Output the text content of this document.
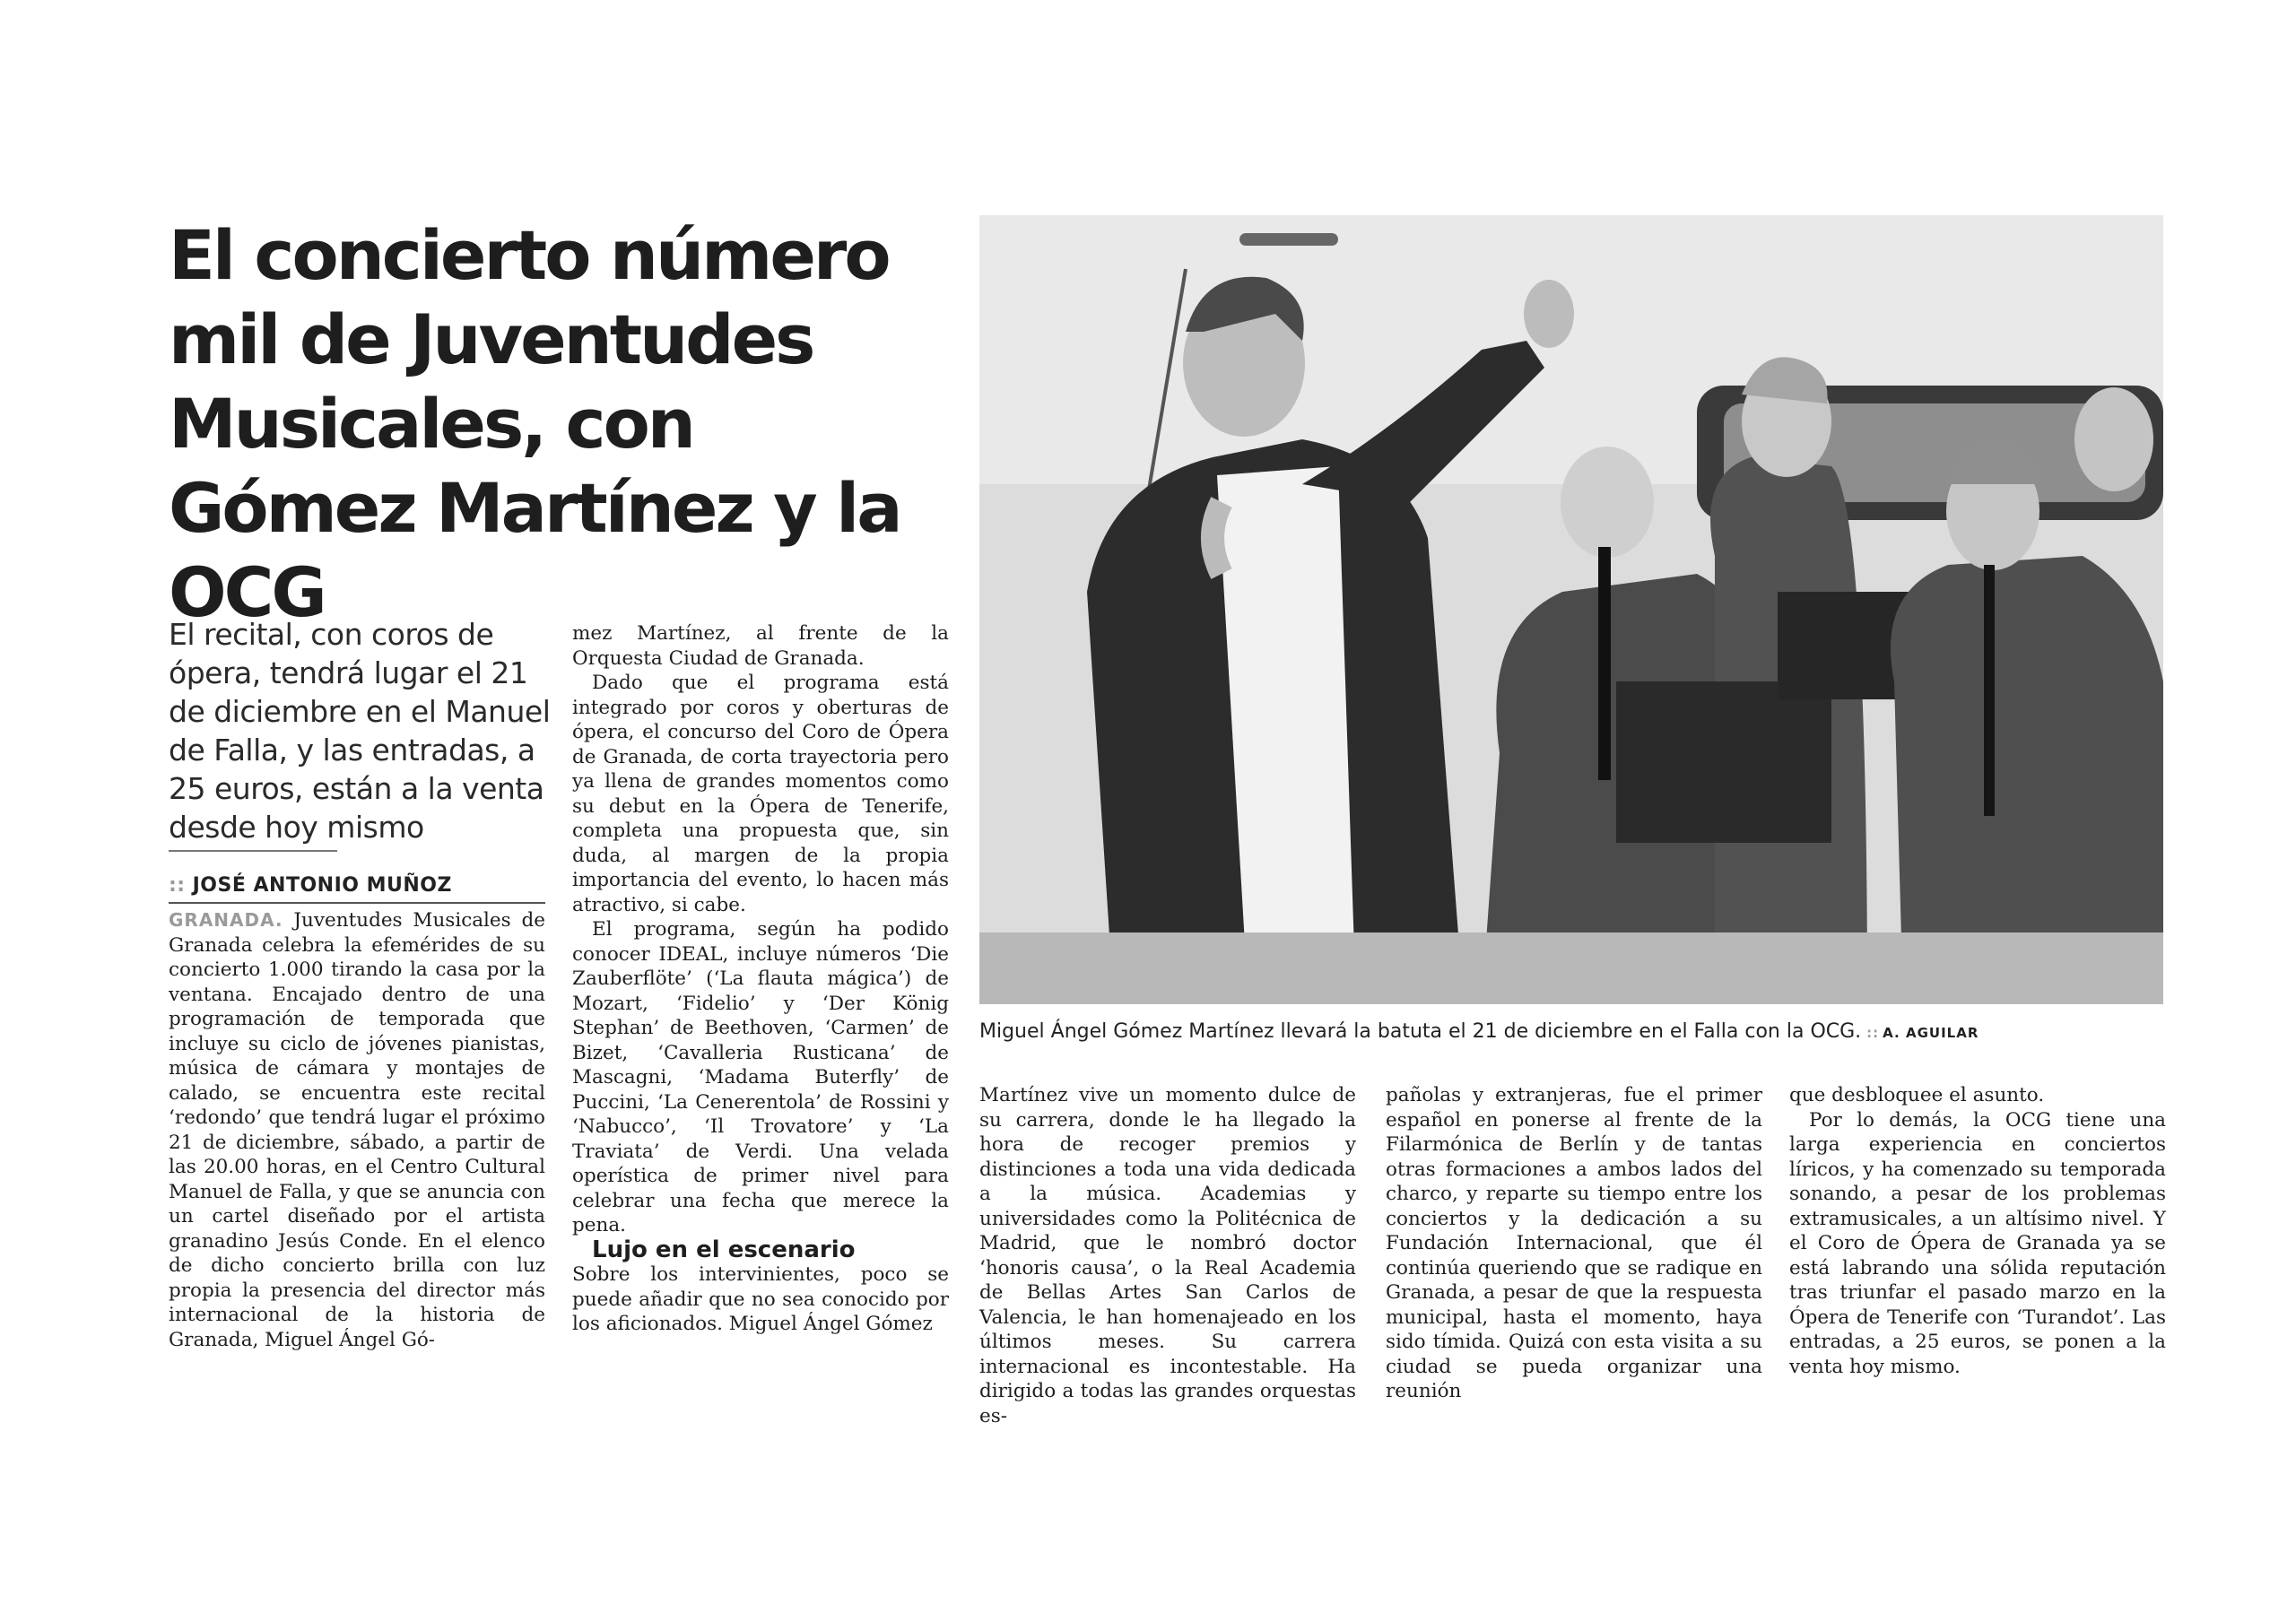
El concierto número mil de Juventudes Musicales, con Gómez Martínez y la OCG
El recital, con coros de ópera, tendrá lugar el 21 de diciembre en el Manuel de Falla, y las entradas, a 25 euros, están a la venta desde hoy mismo
:: JOSÉ ANTONIO MUÑOZ

GRANADA. Juventudes Musicales de Granada celebra la efemérides de su concierto 1.000 tirando la casa por la ventana. Encajado dentro de una programación de temporada que incluye su ciclo de jóvenes pianistas, música de cámara y montajes de calado, se encuentra este recital ‘redondo’ que tendrá lugar el próximo 21 de diciembre, sábado, a partir de las 20.00 horas, en el Centro Cultural Manuel de Falla, y que se anuncia con un cartel diseñado por el artista granadino Jesús Conde. En el elenco de dicho concierto brilla con luz propia la presencia del director más internacional de la historia de Granada, Miguel Ángel Gó-

mez Martínez, al frente de la Orquesta Ciudad de Granada.

Dado que el programa está integrado por coros y oberturas de ópera, el concurso del Coro de Ópera de Granada, de corta trayectoria pero ya llena de grandes momentos como su debut en la Ópera de Tenerife, completa una propuesta que, sin duda, al margen de la propia importancia del evento, lo hacen más atractivo, si cabe.

El programa, según ha podido conocer IDEAL, incluye números ‘Die Zauberflöte’ (‘La flauta mágica’) de Mozart, ‘Fidelio’ y ‘Der König Stephan’ de Beethoven, ‘Carmen’ de Bizet, ‘Cavalleria Rusticana’ de Mascagni, ‘Madama Buterfly’ de Puccini, ‘La Cenerentola’ de Rossini y ‘Nabucco’, ‘Il Trovatore’ y ‘La Traviata’ de Verdi. Una velada operística de primer nivel para celebrar una fecha que merece la pena.

Lujo en el escenario

Sobre los intervinientes, poco se puede añadir que no sea conocido por los aficionados. Miguel Ángel Gómez

Miguel Ángel Gómez Martínez llevará la batuta el 21 de diciembre en el Falla con la OCG. :: A. AGUILAR

Martínez vive un momento dulce de su carrera, donde le ha llegado la hora de recoger premios y distinciones a toda una vida dedicada a la música. Academias y universidades como la Politécnica de Madrid, que le nombró doctor ‘honoris causa’, o la Real Academia de Bellas Artes San Carlos de Valencia, le han homenajeado en los últimos meses. Su carrera internacional es incontestable. Ha dirigido a todas las grandes orquestas es-

pañolas y extranjeras, fue el primer español en ponerse al frente de la Filarmónica de Berlín y de tantas otras formaciones a ambos lados del charco, y reparte su tiempo entre los conciertos y la dedicación a su Fundación Internacional, que él continúa queriendo que se radique en Granada, a pesar de que la respuesta municipal, hasta el momento, haya sido tímida. Quizá con esta visita a su ciudad se pueda organizar una reunión

que desbloquee el asunto.

Por lo demás, la OCG tiene una larga experiencia en conciertos líricos, y ha comenzado su temporada sonando, a pesar de los problemas extramusicales, a un altísimo nivel. Y el Coro de Ópera de Granada ya se está labrando una sólida reputación tras triunfar el pasado marzo en la Ópera de Tenerife con ‘Turandot’. Las entradas, a 25 euros, se ponen a la venta hoy mismo.
